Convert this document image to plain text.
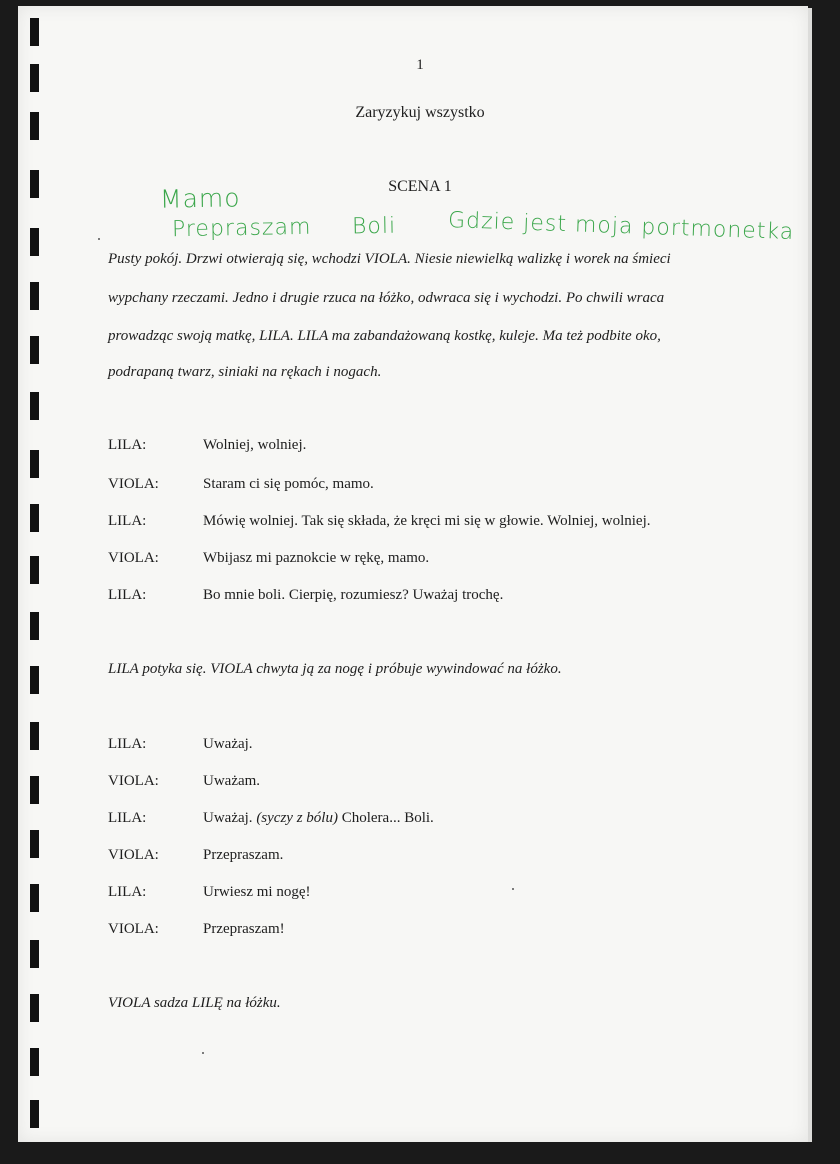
1
Zaryzykuj wszystko
SCENA 1
Mamo
Prepraszam Boli Gdzie jest moja portmonetka
Pusty pokój. Drzwi otwierają się, wchodzi VIOLA. Niesie niewielką walizkę i worek na śmieci
wypchany rzeczami. Jedno i drugie rzuca na łóżko, odwraca się i wychodzi. Po chwili wraca
prowadząc swoją matkę, LILA. LILA ma zabandażowaną kostkę, kuleje. Ma też podbite oko,
podrapaną twarz, siniaki na rękach i nogach.
LILA:	Wolniej, wolniej.
VIOLA:	Staram ci się pomóc, mamo.
LILA:	Mówię wolniej. Tak się składa, że kręci mi się w głowie. Wolniej, wolniej.
VIOLA:	Wbijasz mi paznokcie w rękę, mamo.
LILA:	Bo mnie boli. Cierpię, rozumiesz? Uważaj trochę.
LILA potyka się. VIOLA chwyta ją za nogę i próbuje wywindować na łóżko.
LILA:	Uważaj.
VIOLA:	Uważam.
LILA:	Uważaj. (syczy z bólu) Cholera... Boli.
VIOLA:	Przepraszam.
LILA:	Urwiesz mi nogę!
VIOLA:	Przepraszam!
VIOLA sadza LILĘ na łóżku.
